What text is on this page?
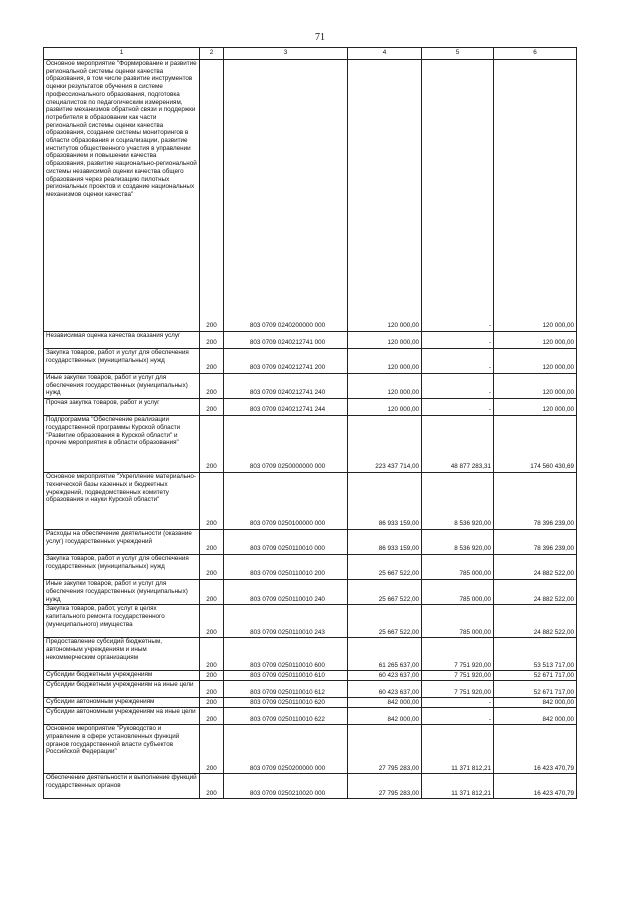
71
1	2	3	4	5	6
Основное мероприятие "Формирование и развитие региональной системы оценки качества образования, в том числе развитие инструментов оценки результатов обучения в системе профессионального образования, подготовка специалистов по педагогическим измерениям, развитие механизмов обратной связи и поддержки потребителя в образовании как части региональной системы оценки качества образования, создание системы мониторингов в области образования и социализации, развитие институтов общественного участия в управлении образованием и повышении качества образования, развитие национально-региональной системы независимой оценки качества общего образования через реализацию пилотных региональных проектов и создание национальных механизмов оценки качества"	200	803 0709 0240200000 000	120 000,00	-	120 000,00
Независимая оценка качества оказания услуг	200	803 0709 0240212741 000	120 000,00	-	120 000,00
Закупка товаров, работ и услуг для обеспечения государственных (муниципальных) нужд	200	803 0709 0240212741 200	120 000,00	-	120 000,00
Иные закупки товаров, работ и услуг для обеспечения государственных (муниципальных) нужд	200	803 0709 0240212741 240	120 000,00	-	120 000,00
Прочая закупка товаров, работ и услуг	200	803 0709 0240212741 244	120 000,00	-	120 000,00
Подпрограмма "Обеспечение реализации государственной программы Курской области "Развитие образования в Курской области" и прочие мероприятия в области образования"	200	803 0709 0250000000 000	223 437 714,00	48 877 283,31	174 560 430,69
Основное мероприятие "Укрепление материально-технической базы казенных и бюджетных учреждений, подведомственных комитету образования и науки Курской области"	200	803 0709 0250100000 000	86 933 159,00	8 536 920,00	78 396 239,00
Расходы на обеспечение деятельности (оказание услуг) государственных учреждений	200	803 0709 0250110010 000	86 933 159,00	8 536 920,00	78 396 239,00
Закупка товаров, работ и услуг для обеспечения государственных (муниципальных) нужд	200	803 0709 0250110010 200	25 667 522,00	785 000,00	24 882 522,00
Иные закупки товаров, работ и услуг для обеспечения государственных (муниципальных) нужд	200	803 0709 0250110010 240	25 667 522,00	785 000,00	24 882 522,00
Закупка товаров, работ, услуг в целях капитального ремонта государственного (муниципального) имущества	200	803 0709 0250110010 243	25 667 522,00	785 000,00	24 882 522,00
Предоставление субсидий бюджетным, автономным учреждениям и иным некоммерческим организациям	200	803 0709 0250110010 600	61 265 637,00	7 751 920,00	53 513 717,00
Субсидии бюджетным учреждениям	200	803 0709 0250110010 610	60 423 637,00	7 751 920,00	52 671 717,00
Субсидии бюджетным учреждениям на иные цели	200	803 0709 0250110010 612	60 423 637,00	7 751 920,00	52 671 717,00
Субсидии автономным учреждениям	200	803 0709 0250110010 620	842 000,00	-	842 000,00
Субсидии автономным учреждениям на иные цели	200	803 0709 0250110010 622	842 000,00	-	842 000,00
Основное мероприятие "Руководство и управление в сфере установленных функций органов государственной власти субъектов Российской Федерации"	200	803 0709 0250200000 000	27 795 283,00	11 371 812,21	16 423 470,79
Обеспечение деятельности и выполнение функций государственных органов	200	803 0709 0250210020 000	27 795 283,00	11 371 812,21	16 423 470,79
